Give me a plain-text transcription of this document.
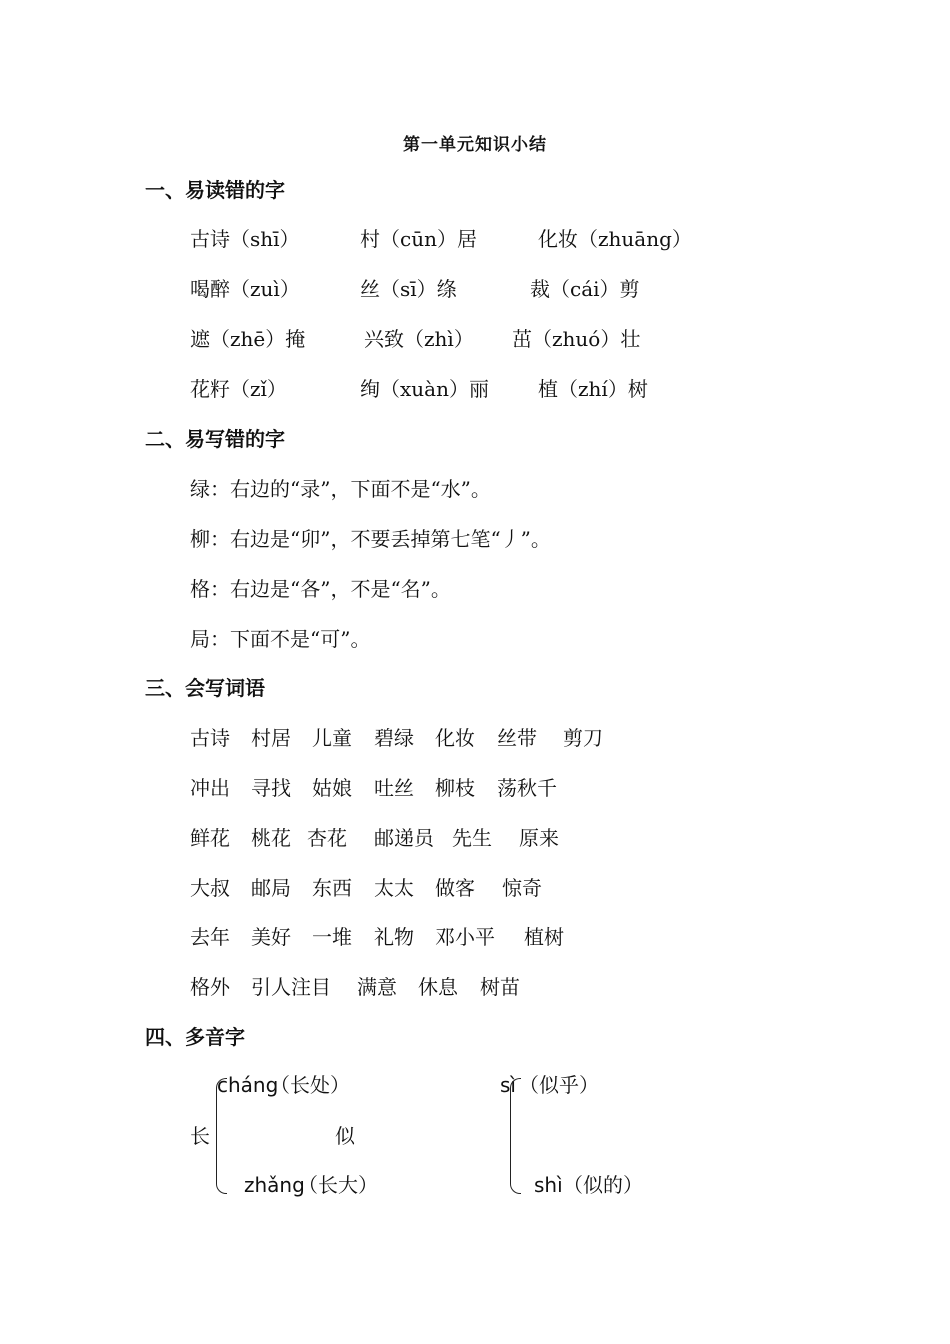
第一单元知识小结
一、易读错的字
古诗（shī）	村（cūn）居	化妆（zhuāng）
喝醉（zuì）	丝（sī）绦	裁（cái）剪
遮（zhē）掩	兴致（zhì） 茁（zhuó）壮
花籽（zǐ）	绚（xuàn）丽 植（zhí）树
二、易写错的字
绿：右边的“录”，下面不是“水”。
柳：右边是“卯”，不要丢掉第七笔“丿”。
格：右边是“各”，不是“名”。
局：下面不是“可”。
三、会写词语
古诗 村居 儿童 碧绿 化妆 丝带 剪刀
冲出 寻找 姑娘 吐丝 柳枝 荡秋千
鲜花 桃花 杏花 邮递员 先生 原来
大叔 邮局 东西 太太 做客 惊奇
去年 美好 一堆 礼物 邓小平 植树
格外 引人注目 满意 休息 树苗
四、多音字
cháng
（长处）
长
zhǎng
（长大）
似
sì （似乎）
shì （似的）
